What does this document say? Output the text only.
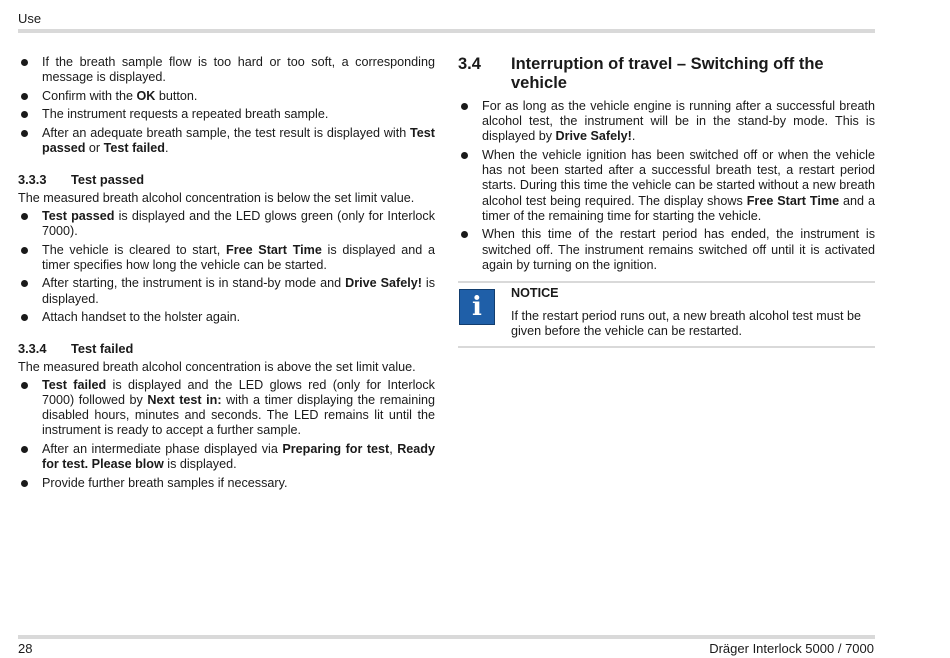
Use
If the breath sample flow is too hard or too soft, a corresponding message is displayed.
Confirm with the OK button.
The instrument requests a repeated breath sample.
After an adequate breath sample, the test result is displayed with Test passed or Test failed.
3.3.3 Test passed
The measured breath alcohol concentration is below the set limit value.
Test passed is displayed and the LED glows green (only for Interlock 7000).
The vehicle is cleared to start, Free Start Time is displayed and a timer specifies how long the vehicle can be started.
After starting, the instrument is in stand-by mode and Drive Safely! is displayed.
Attach handset to the holster again.
3.3.4 Test failed
The measured breath alcohol concentration is above the set limit value.
Test failed is displayed and the LED glows red (only for Interlock 7000) followed by Next test in: with a timer displaying the remaining disabled hours, minutes and seconds. The LED remains lit until the instrument is ready to accept a further sample.
After an intermediate phase displayed via Preparing for test, Ready for test. Please blow is displayed.
Provide further breath samples if necessary.
3.4 Interruption of travel – Switching off the vehicle
For as long as the vehicle engine is running after a successful breath alcohol test, the instrument will be in the stand-by mode. This is displayed by Drive Safely!.
When the vehicle ignition has been switched off or when the vehicle has not been started after a successful breath test, a restart period starts. During this time the vehicle can be started without a new breath alcohol test being required. The display shows Free Start Time and a timer of the remaining time for starting the vehicle.
When this time of the restart period has ended, the instrument is switched off. The instrument remains switched off until it is activated again by turning on the ignition.
i	NOTICE
If the restart period runs out, a new breath alcohol test must be given before the vehicle can be restarted.
28	Dräger Interlock 5000 / 7000
